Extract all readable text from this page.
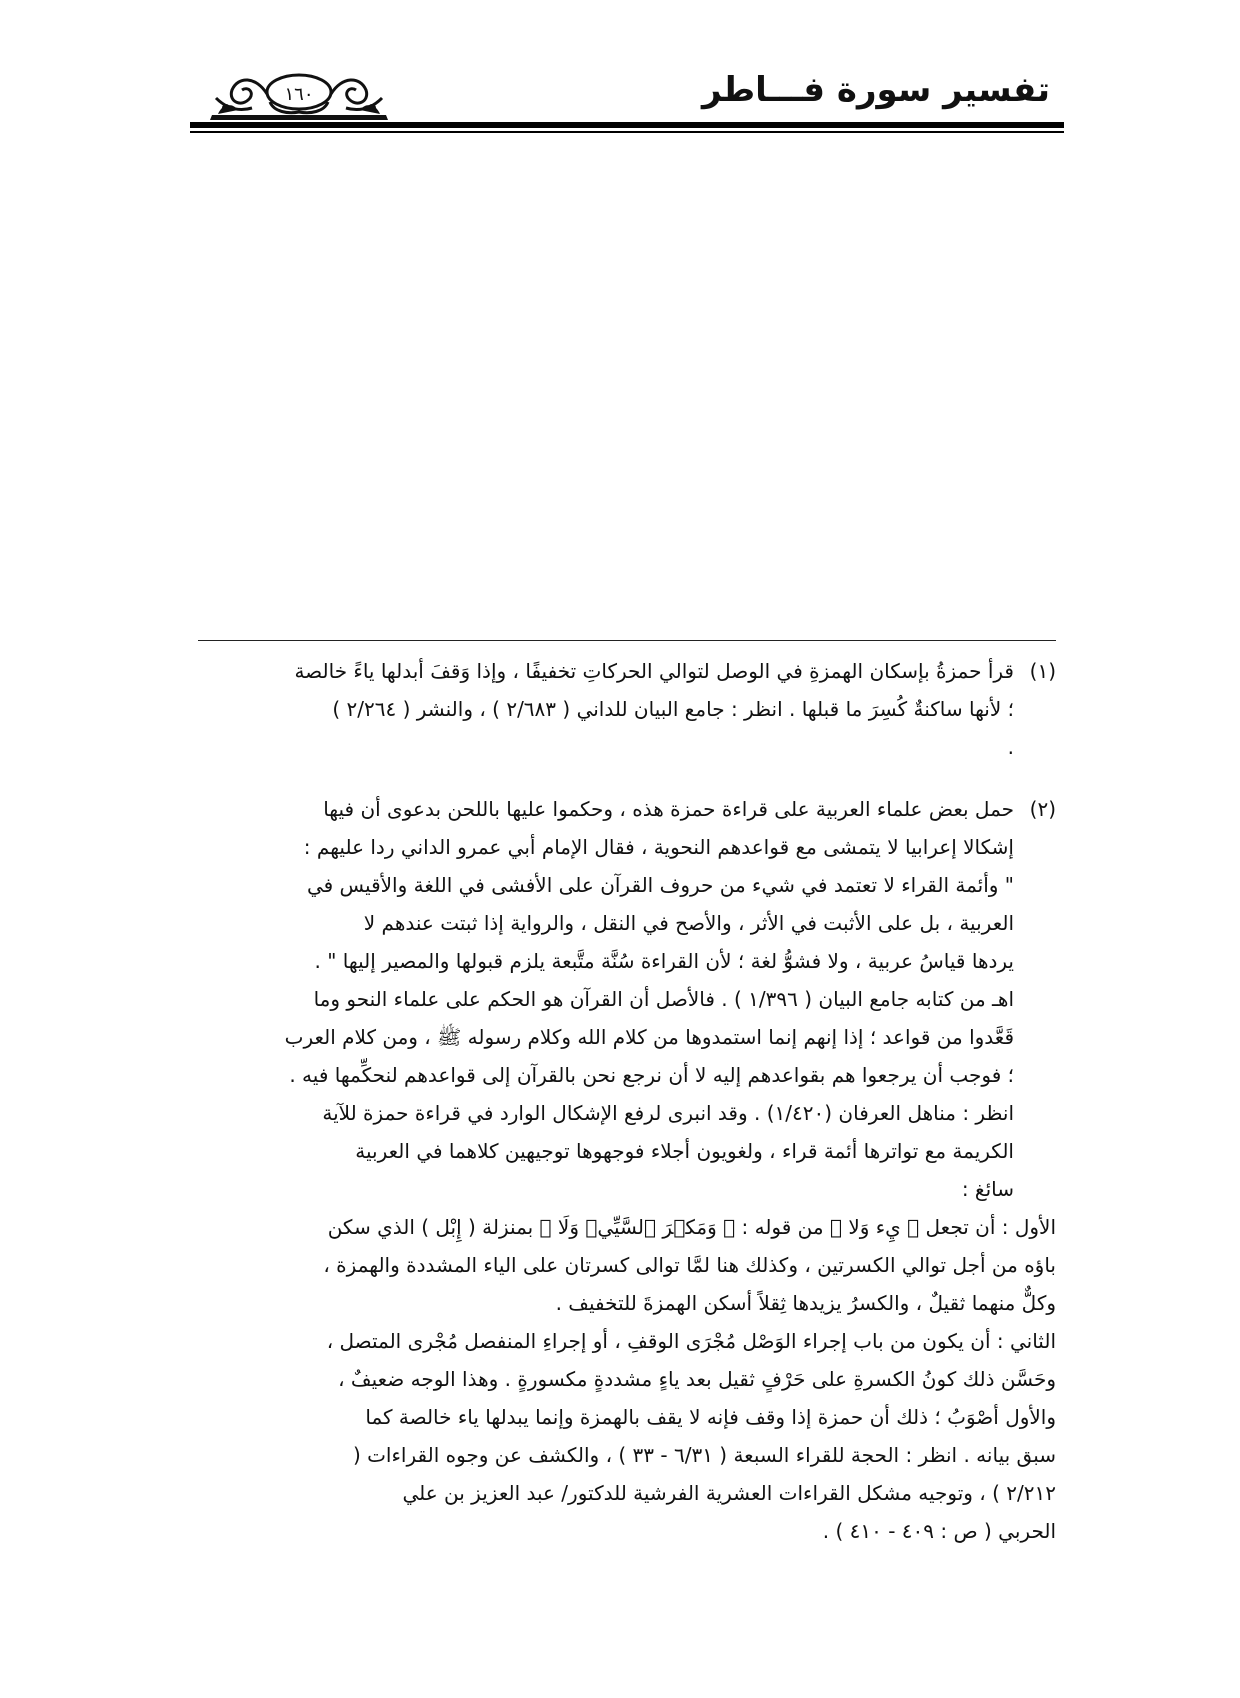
تفسير سورة فـــاطر
١٦٠
(١)

قرأ حمزةُ بإسكان الهمزةِ في الوصل لتوالي الحركاتِ تخفيفًا ، وإذا وَقفَ أبدلها ياءً خالصة

؛ لأنها ساكنةٌ كُسِرَ ما قبلها . انظر : جامع البيان للداني ( ٢/٦٨٣ ) ، والنشر ( ٢/٢٦٤ )

.

(٢)

حمل بعض علماء العربية على قراءة حمزة هذه ، وحكموا عليها باللحن بدعوى أن فيها

إشكالا إعرابيا لا يتمشى مع قواعدهم النحوية ، فقال الإمام أبي عمرو الداني ردا عليهم :

" وأئمة القراء لا تعتمد في شيء من حروف القرآن على الأفشى في اللغة والأقيس في

العربية ، بل على الأثبت في الأثر ، والأصح في النقل ، والرواية إذا ثبتت عندهم لا

يردها قياسُ عربية ، ولا فشوُّ لغة ؛ لأن القراءة سُنَّة متَّبعة يلزم قبولها والمصير إليها " .

اهـ من كتابه جامع البيان ( ١/٣٩٦ ) . فالأصل أن القرآن هو الحكم على علماء النحو وما

قَعَّدوا من قواعد ؛ إذا إنهم إنما استمدوها من كلام الله وكلام رسوله ﷺ ، ومن كلام العرب

؛ فوجب أن يرجعوا هم بقواعدهم إليه لا أن نرجع نحن بالقرآن إلى قواعدهم لنحكِّمها فيه .

انظر : مناهل العرفان (١/٤٢٠) . وقد انبرى لرفع الإشكال الوارد في قراءة حمزة للآية

الكريمة مع تواترها أئمة قراء ، ولغويون أجلاء فوجهوها توجيهين كلاهما في العربية

سائغ :

الأول : أن تجعل ﴿ يِء وَلا ﴾ من قوله : ﴿ وَمَكۡرَ ٱلسَّيِّيۡ وَلَا ﴾ بمنزلة ( إِبْل ) الذي سكن

باؤه من أجل توالي الكسرتين ، وكذلك هنا لمَّا توالى كسرتان على الياء المشددة والهمزة ،

وكلٌّ منهما ثقيلٌ ، والكسرُ يزيدها ثِقلاً أسكن الهمزةَ للتخفيف .

الثاني : أن يكون من باب إجراء الوَصْل مُجْرَى الوقفِ ، أو إجراءِ المنفصل مُجْرى المتصل ،

وحَسَّن ذلك كونُ الكسرةِ على حَرْفٍ ثقيل بعد ياءٍ مشددةٍ مكسورةٍ . وهذا الوجه ضعيفٌ ،

والأول أصْوَبُ ؛ ذلك أن حمزة إذا وقف فإنه لا يقف بالهمزة وإنما يبدلها ياء خالصة كما

سبق بيانه . انظر : الحجة للقراء السبعة ( ٦/٣١ - ٣٣ ) ، والكشف عن وجوه القراءات (

٢/٢١٢ ) ، وتوجيه مشكل القراءات العشرية الفرشية للدكتور/ عبد العزيز بن علي

الحربي ( ص : ٤٠٩ - ٤١٠ ) .
